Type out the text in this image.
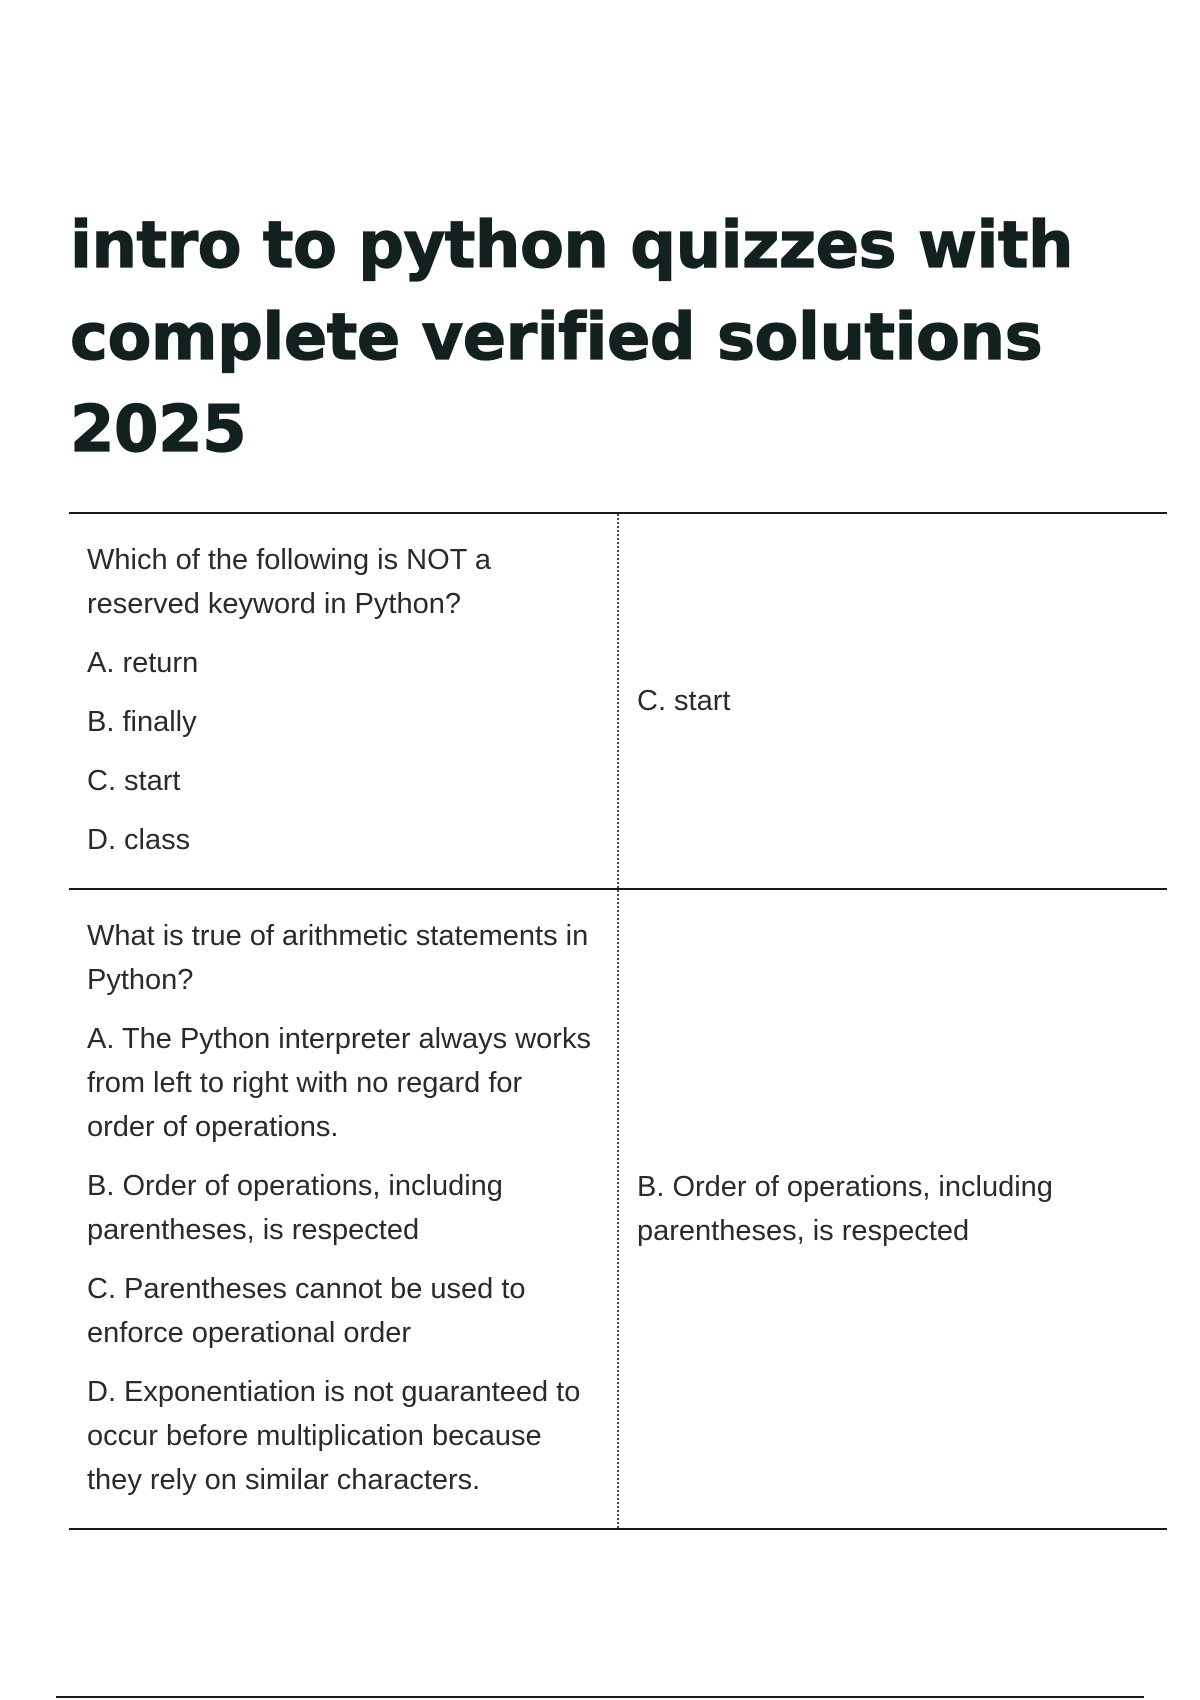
intro to python quizzes with complete verified solutions 2025

Which of the following is NOT a reserved keyword in Python?

A. return

B. finally

C. start

D. class	C. start

What is true of arithmetic statements in Python?

A. The Python interpreter always works from left to right with no regard for order of operations.

B. Order of operations, including parentheses, is respected

C. Parentheses cannot be used to enforce operational order

D. Exponentiation is not guaranteed to occur before multiplication because they rely on similar characters.	B. Order of operations, including parentheses, is respected
